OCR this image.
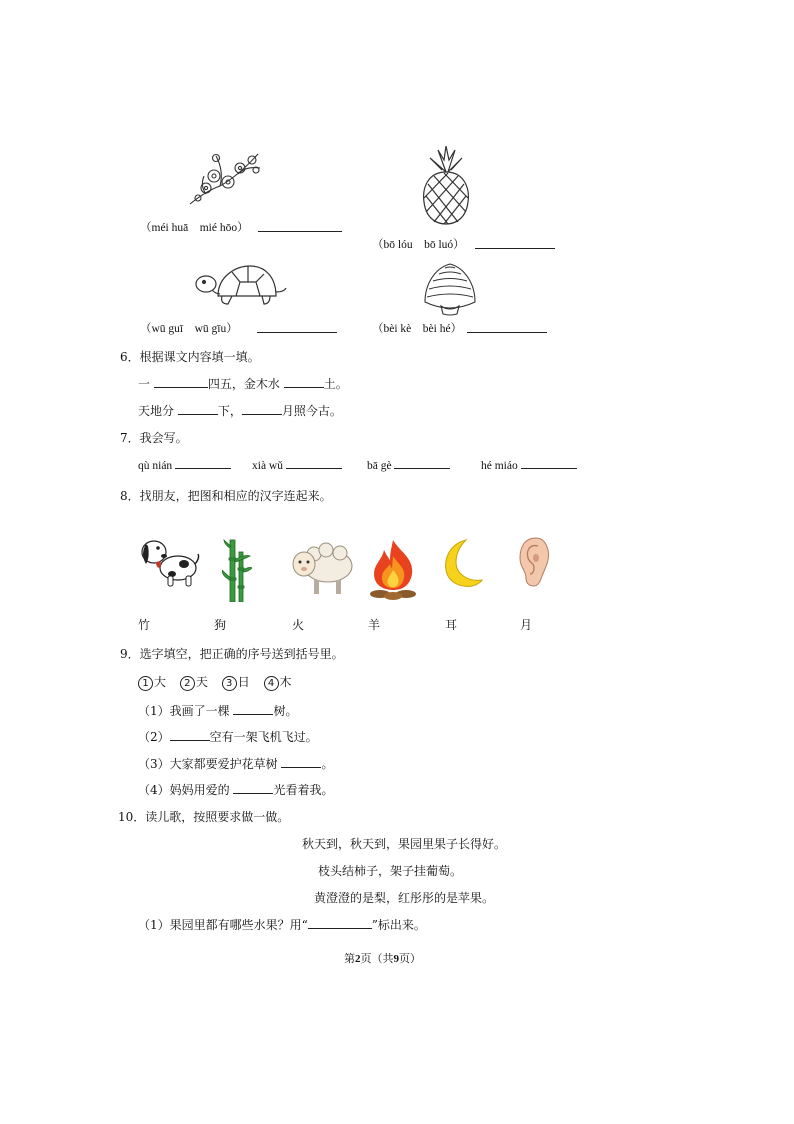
（méi huā　mié hōo）
（bō lóu　bō luó）
（wū guī　wū gīu）	（bèi kè　bèi hé）
6．根据课文内容填一填。
一	四五，金木水	土。
天地分	下，	月照今古。
7．我会写。
qù nián	xià wǔ	bā gè	hé miáo
8．找朋友，把图和相应的汉字连起来。
竹	狗	火	羊	耳	月
9．选字填空，把正确的序号送到括号里。
1 大 2 天 3 日 4 木
（1）我画了一棵	树。
（2）	空有一架飞机飞过。
（3）大家都要爱护花草树	。
（4）妈妈用爱的	光看着我。
10．读儿歌，按照要求做一做。
秋天到，秋天到，果园里果子长得好。
枝头结柿子，架子挂葡萄。
黄澄澄的是梨，红彤彤的是苹果。
（1）果园里都有哪些水果？用“	”标出来。
第2页（共9页）
